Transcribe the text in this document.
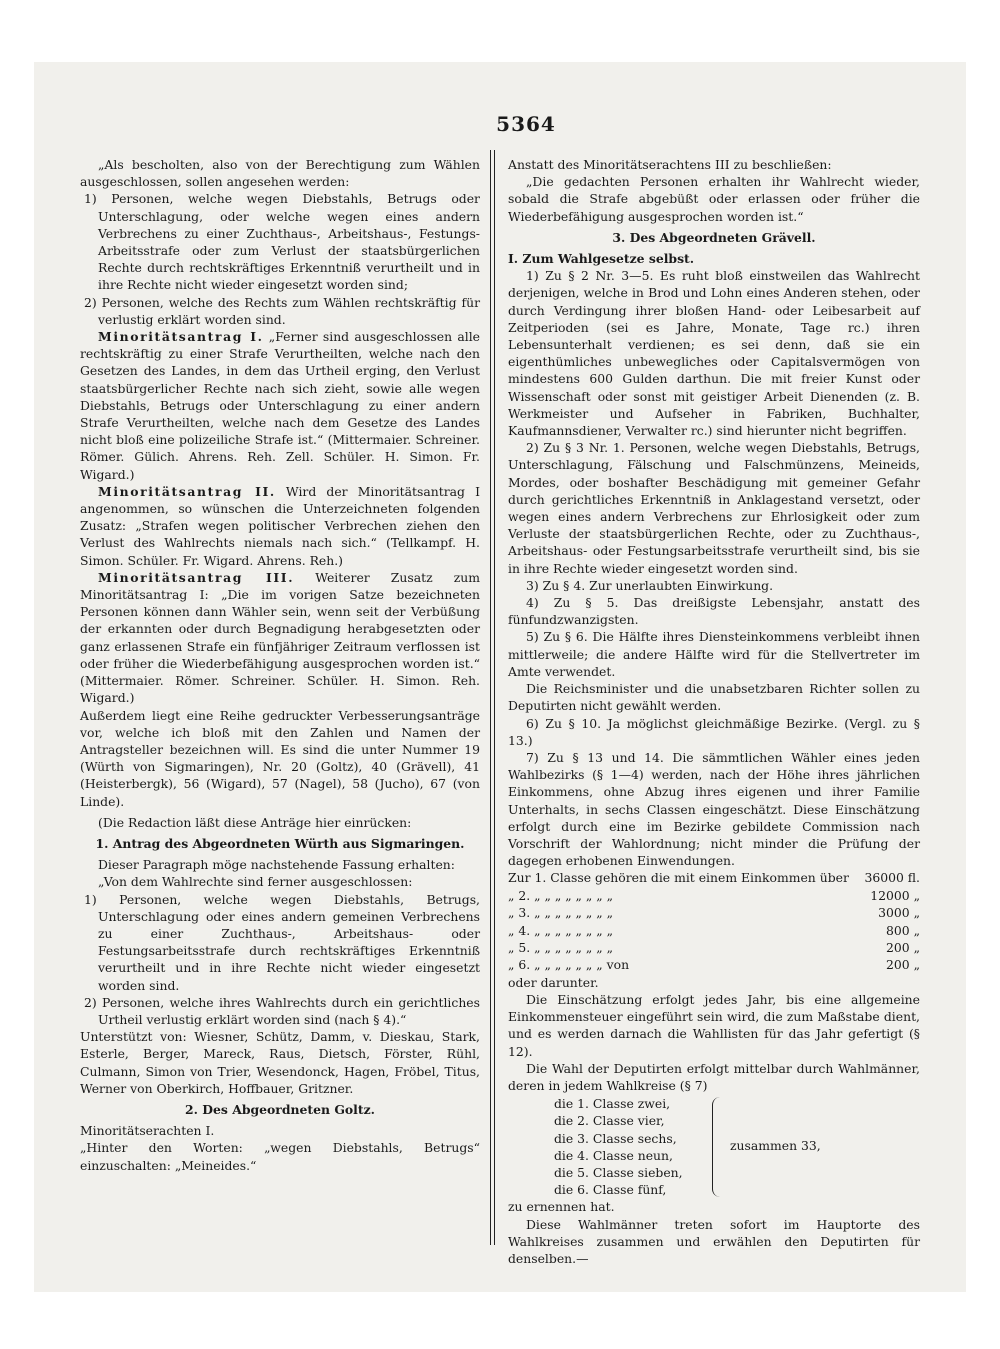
5364

„Als bescholten, also von der Berechtigung zum Wählen ausgeschlossen, sollen angesehen werden:

1) Personen, welche wegen Diebstahls, Betrugs oder Unterschlagung, oder welche wegen eines andern Verbrechens zu einer Zuchthaus-, Arbeitshaus-, Festungs-Arbeitsstrafe oder zum Verlust der staatsbürgerlichen Rechte durch rechtskräftiges Erkenntniß verurtheilt und in ihre Rechte nicht wieder eingesetzt worden sind;

2) Personen, welche des Rechts zum Wählen rechtskräftig für verlustig erklärt worden sind.

Minoritätsantrag I. „Ferner sind ausgeschlossen alle rechtskräftig zu einer Strafe Verurtheilten, welche nach den Gesetzen des Landes, in dem das Urtheil erging, den Verlust staatsbürgerlicher Rechte nach sich zieht, sowie alle wegen Diebstahls, Betrugs oder Unterschlagung zu einer andern Strafe Verurtheilten, welche nach dem Gesetze des Landes nicht bloß eine polizeiliche Strafe ist.“ (Mittermaier. Schreiner. Römer. Gülich. Ahrens. Reh. Zell. Schüler. H. Simon. Fr. Wigard.)

Minoritätsantrag II. Wird der Minoritätsantrag I angenommen, so wünschen die Unterzeichneten folgenden Zusatz: „Strafen wegen politischer Verbrechen ziehen den Verlust des Wahlrechts niemals nach sich.“ (Tellkampf. H. Simon. Schüler. Fr. Wigard. Ahrens. Reh.)

Minoritätsantrag III. Weiterer Zusatz zum Minoritätsantrag I: „Die im vorigen Satze bezeichneten Personen können dann Wähler sein, wenn seit der Verbüßung der erkannten oder durch Begnadigung herabgesetzten oder ganz erlassenen Strafe ein fünfjähriger Zeitraum verflossen ist oder früher die Wiederbefähigung ausgesprochen worden ist.“ (Mittermaier. Römer. Schreiner. Schüler. H. Simon. Reh. Wigard.)

Außerdem liegt eine Reihe gedruckter Verbesserungsanträge vor, welche ich bloß mit den Zahlen und Namen der Antragsteller bezeichnen will. Es sind die unter Nummer 19 (Würth von Sigmaringen), Nr. 20 (Goltz), 40 (Grävell), 41 (Heisterbergk), 56 (Wigard), 57 (Nagel), 58 (Jucho), 67 (von Linde).

(Die Redaction läßt diese Anträge hier einrücken:

1. Antrag des Abgeordneten Würth aus Sigmaringen.

Dieser Paragraph möge nachstehende Fassung erhalten:

„Von dem Wahlrechte sind ferner ausgeschlossen:

1) Personen, welche wegen Diebstahls, Betrugs, Unterschlagung oder eines andern gemeinen Verbrechens zu einer Zuchthaus-, Arbeitshaus- oder Festungsarbeitsstrafe durch rechtskräftiges Erkenntniß verurtheilt und in ihre Rechte nicht wieder eingesetzt worden sind.

2) Personen, welche ihres Wahlrechts durch ein gerichtliches Urtheil verlustig erklärt worden sind (nach § 4).“

Unterstützt von: Wiesner, Schütz, Damm, v. Dieskau, Stark, Esterle, Berger, Mareck, Raus, Dietsch, Förster, Rühl, Culmann, Simon von Trier, Wesendonck, Hagen, Fröbel, Titus, Werner von Oberkirch, Hoffbauer, Gritzner.

2. Des Abgeordneten Goltz.

Minoritätserachten I.

„Hinter den Worten: „wegen Diebstahls, Betrugs“ einzuschalten: „Meineides.“

Anstatt des Minoritätserachtens III zu beschließen:

„Die gedachten Personen erhalten ihr Wahlrecht wieder, sobald die Strafe abgebüßt oder erlassen oder früher die Wiederbefähigung ausgesprochen worden ist.“

3. Des Abgeordneten Grävell.

I. Zum Wahlgesetze selbst.

1) Zu § 2 Nr. 3—5. Es ruht bloß einstweilen das Wahlrecht derjenigen, welche in Brod und Lohn eines Anderen stehen, oder durch Verdingung ihrer bloßen Hand- oder Leibesarbeit auf Zeitperioden (sei es Jahre, Monate, Tage rc.) ihren Lebensunterhalt verdienen; es sei denn, daß sie ein eigenthümliches unbewegliches oder Capitalsvermögen von mindestens 600 Gulden darthun. Die mit freier Kunst oder Wissenschaft oder sonst mit geistiger Arbeit Dienenden (z. B. Werkmeister und Aufseher in Fabriken, Buchhalter, Kaufmannsdiener, Verwalter rc.) sind hierunter nicht begriffen.

2) Zu § 3 Nr. 1. Personen, welche wegen Diebstahls, Betrugs, Unterschlagung, Fälschung und Falschmünzens, Meineids, Mordes, oder boshafter Beschädigung mit gemeiner Gefahr durch gerichtliches Erkenntniß in Anklagestand versetzt, oder wegen eines andern Verbrechens zur Ehrlosigkeit oder zum Verluste der staatsbürgerlichen Rechte, oder zu Zuchthaus-, Arbeitshaus- oder Festungsarbeitsstrafe verurtheilt sind, bis sie in ihre Rechte wieder eingesetzt worden sind.

3) Zu § 4. Zur unerlaubten Einwirkung.

4) Zu § 5. Das dreißigste Lebensjahr, anstatt des fünfundzwanzigsten.

5) Zu § 6. Die Hälfte ihres Diensteinkommens verbleibt ihnen mittlerweile; die andere Hälfte wird für die Stellvertreter im Amte verwendet.

Die Reichsminister und die unabsetzbaren Richter sollen zu Deputirten nicht gewählt werden.

6) Zu § 10. Ja möglichst gleichmäßige Bezirke. (Vergl. zu § 13.)

7) Zu § 13 und 14. Die sämmtlichen Wähler eines jeden Wahlbezirks (§ 1—4) werden, nach der Höhe ihres jährlichen Einkommens, ohne Abzug ihres eigenen und ihrer Familie Unterhalts, in sechs Classen eingeschätzt. Diese Einschätzung erfolgt durch eine im Bezirke gebildete Commission nach Vorschrift der Wahlordnung; nicht minder die Prüfung der dagegen erhobenen Einwendungen.

Zur 1. Classe gehören die mit einem Einkommen über	36000 fl.
„ 2. „ „ „ „ „ „ „ „	12000 „
„ 3. „ „ „ „ „ „ „ „	3000 „
„ 4. „ „ „ „ „ „ „ „	800 „
„ 5. „ „ „ „ „ „ „ „	200 „
„ 6. „ „ „ „ „ „ „ von	200 „

oder darunter.

Die Einschätzung erfolgt jedes Jahr, bis eine allgemeine Einkommensteuer eingeführt sein wird, die zum Maßstabe dient, und es werden darnach die Wahllisten für das Jahr gefertigt (§ 12).

Die Wahl der Deputirten erfolgt mittelbar durch Wahlmänner, deren in jedem Wahlkreise (§ 7)

die 1. Classe zwei,
die 2. Classe vier,
die 3. Classe sechs,
die 4. Classe neun,
die 5. Classe sieben,
die 6. Classe fünf,
zusammen 33,

zu ernennen hat.

Diese Wahlmänner treten sofort im Hauptorte des Wahlkreises zusammen und erwählen den Deputirten für denselben.—
